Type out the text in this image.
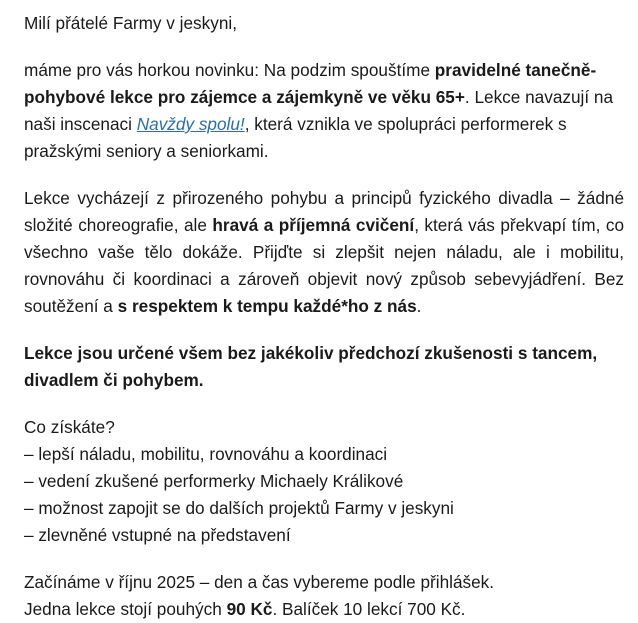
Milí přátelé Farmy v jeskyni,

máme pro vás horkou novinku: Na podzim spouštíme pravidelné tanečně-pohybové lekce pro zájemce a zájemkyně ve věku 65+. Lekce navazují na naši inscenaci Navždy spolu!, která vznikla ve spolupráci performerek s pražskými seniory a seniorkami.

Lekce vycházejí z přirozeného pohybu a principů fyzického divadla – žádné složité choreografie, ale hravá a příjemná cvičení, která vás překvapí tím, co všechno vaše tělo dokáže. Přijďte si zlepšit nejen náladu, ale i mobilitu, rovnováhu či koordinaci a zároveň objevit nový způsob sebevyjádření. Bez soutěžení a s respektem k tempu každé*ho z nás.

Lekce jsou určené všem bez jakékoliv předchozí zkušenosti s tancem, divadlem či pohybem.

Co získáte?

– lepší náladu, mobilitu, rovnováhu a koordinaci

– vedení zkušené performerky Michaely Králikové

– možnost zapojit se do dalších projektů Farmy v jeskyni

– zlevněné vstupné na představení

Začínáme v říjnu 2025 – den a čas vybereme podle přihlášek.

Jedna lekce stojí pouhých 90 Kč. Balíček 10 lekcí 700 Kč.
